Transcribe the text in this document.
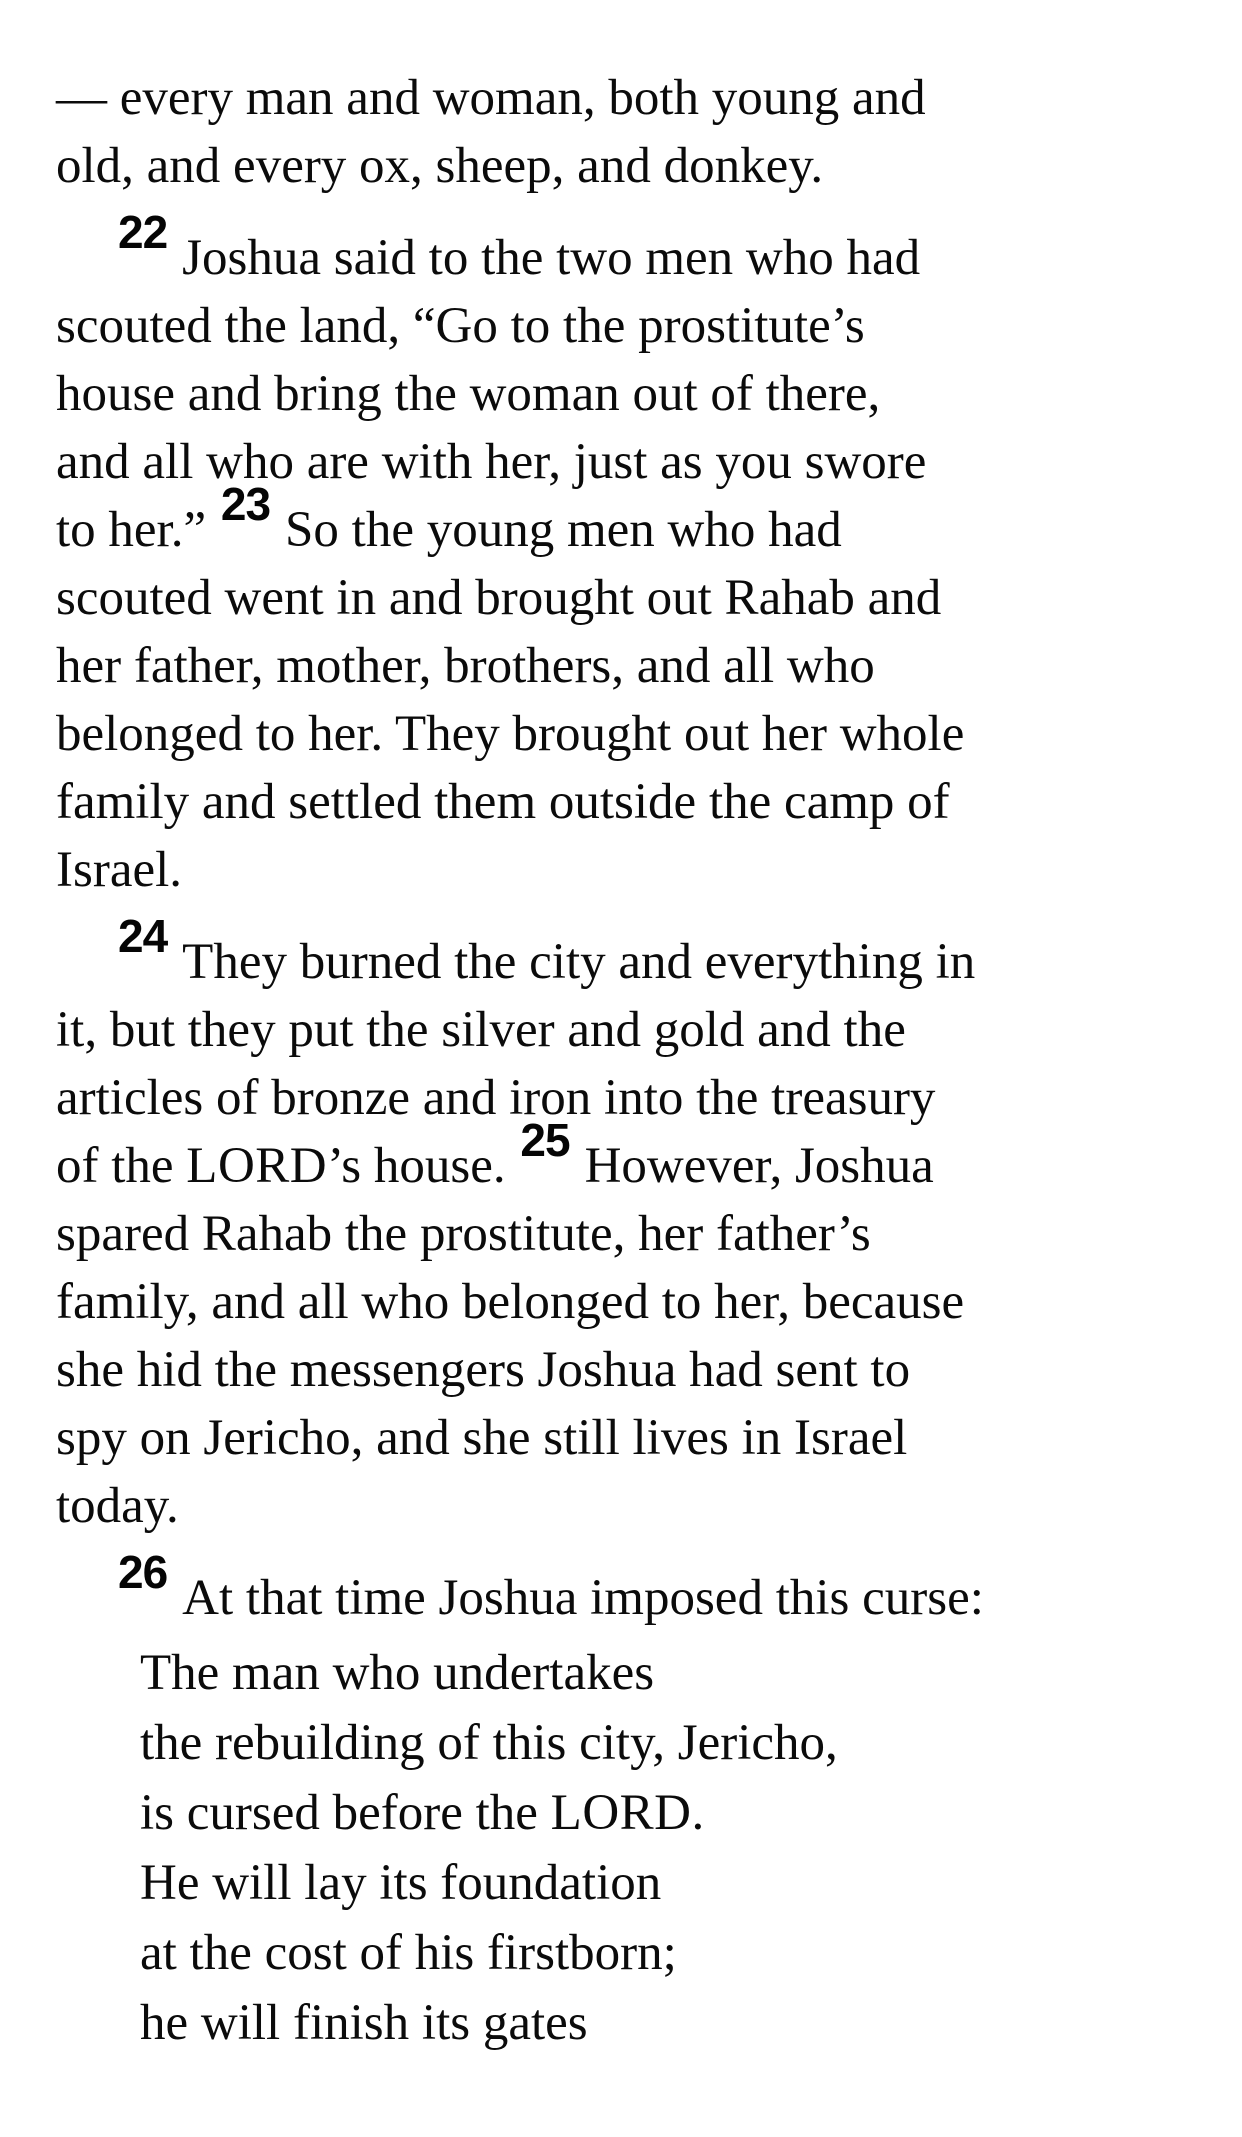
— every man and woman, both young and
old, and every ox, sheep, and donkey.
22 Joshua said to the two men who had
scouted the land, “Go to the prostitute’s
house and bring the woman out of there,
and all who are with her, just as you swore
to her.” 23 So the young men who had
scouted went in and brought out Rahab and
her father, mother, brothers, and all who
belonged to her. They brought out her whole
family and settled them outside the camp of
Israel.
24 They burned the city and everything in
it, but they put the silver and gold and the
articles of bronze and iron into the treasury
of the LORD’s house. 25 However, Joshua
spared Rahab the prostitute, her father’s
family, and all who belonged to her, because
she hid the messengers Joshua had sent to
spy on Jericho, and she still lives in Israel
today.
26 At that time Joshua imposed this curse:
The man who undertakes
the rebuilding of this city, Jericho,
is cursed before the LORD.
He will lay its foundation
at the cost of his firstborn;
he will finish its gates
